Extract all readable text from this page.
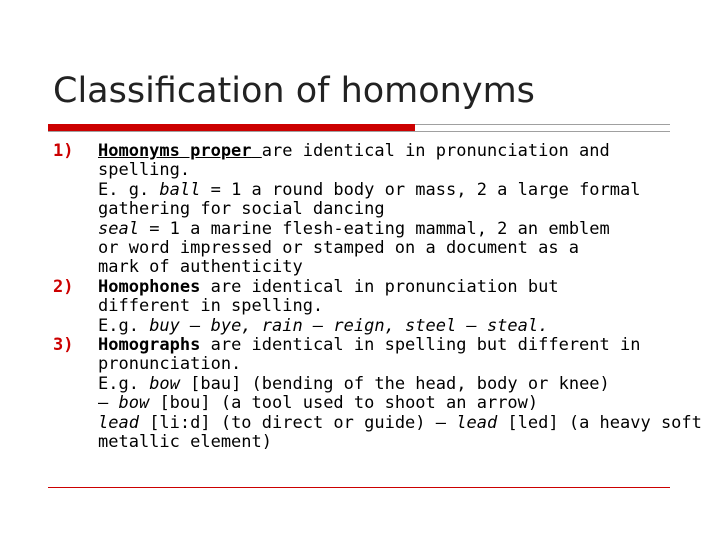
Classification of homonyms
1) Homonyms proper are identical in pronunciation and
spelling.
E. g. ball = 1 a round body or mass, 2 a large formal
gathering for social dancing
seal = 1 a marine flesh-eating mammal, 2 an emblem
or word impressed or stamped on a document as a
mark of authenticity
2) Homophones are identical in pronunciation but
different in spelling.
E.g. buy – bye, rain – reign, steel – steal.
3) Homographs are identical in spelling but different in
pronunciation.
E.g. bow [bau] (bending of the head, body or knee)
– bow [bou] (a tool used to shoot an arrow)
lead [li:d] (to direct or guide) – lead [led] (a heavy soft
metallic element)
